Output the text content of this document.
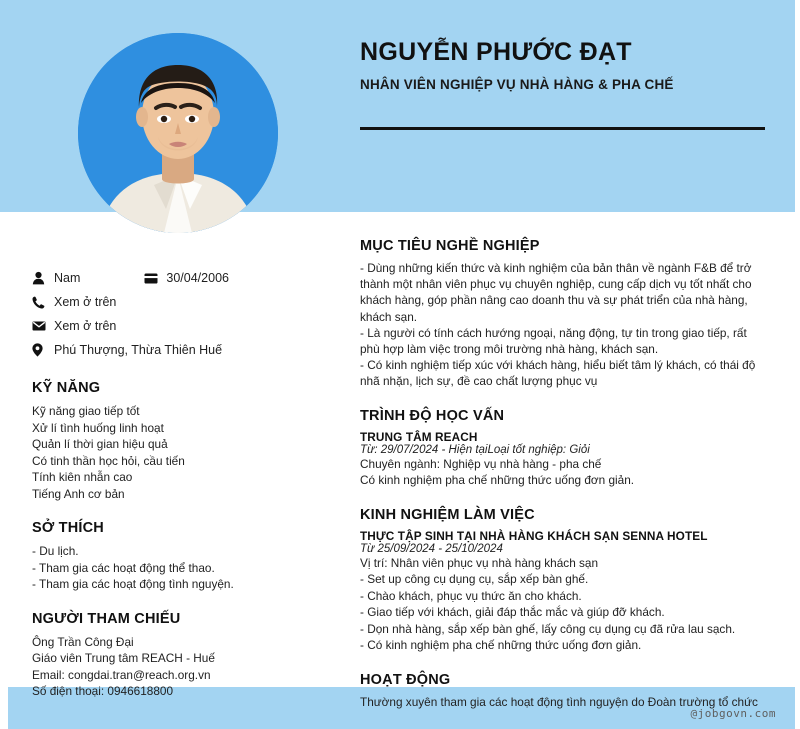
NGUYỄN PHƯỚC ĐẠT
NHÂN VIÊN NGHIỆP VỤ NHÀ HÀNG & PHA CHẾ
Nam	30/04/2006
Xem ở trên
Xem ở trên
Phú Thượng, Thừa Thiên Huế
KỸ NĂNG
Kỹ năng giao tiếp tốt
Xử lí tình huống linh hoạt
Quản lí thời gian hiệu quả
Có tinh thần học hỏi, cầu tiến
Tính kiên nhẫn cao
Tiếng Anh cơ bản
SỞ THÍCH
- Du lịch.
- Tham gia các hoạt động thể thao.
- Tham gia các hoạt động tình nguyện.
NGƯỜI THAM CHIẾU
Ông Trần Công Đại
Giáo viên Trung tâm REACH - Huế
Email: congdai.tran@reach.org.vn
Số điện thoại: 0946618800
MỤC TIÊU NGHỀ NGHIỆP
- Dùng những kiến thức và kinh nghiệm của bản thân về ngành F&B để trở thành một nhân viên phục vụ chuyên nghiệp, cung cấp dịch vụ tốt nhất cho khách hàng, góp phần nâng cao doanh thu và sự phát triển của nhà hàng, khách sạn.
- Là người có tính cách hướng ngoại, năng động, tự tin trong giao tiếp, rất phù hợp làm việc trong môi trường nhà hàng, khách sạn.
- Có kinh nghiệm tiếp xúc với khách hàng, hiểu biết tâm lý khách, có thái độ nhã nhặn, lịch sự, đề cao chất lượng phục vụ
TRÌNH ĐỘ HỌC VẤN
TRUNG TÂM REACH
Từ: 29/07/2024 - Hiện tạiLoại tốt nghiệp: Giỏi
Chuyên ngành: Nghiệp vụ nhà hàng - pha chế
Có kinh nghiệm pha chế những thức uống đơn giản.
KINH NGHIỆM LÀM VIỆC
THỰC TẬP SINH TẠI NHÀ HÀNG KHÁCH SẠN SENNA HOTEL
Từ 25/09/2024 - 25/10/2024
Vị trí: Nhân viên phục vụ nhà hàng khách sạn
- Set up công cụ dụng cụ, sắp xếp bàn ghế.
- Chào khách, phục vụ thức ăn cho khách.
- Giao tiếp với khách, giải đáp thắc mắc và giúp đỡ khách.
- Dọn nhà hàng, sắp xếp bàn ghế, lấy công cụ dụng cụ đã rửa lau sạch.
- Có kinh nghiệm pha chế những thức uống đơn giản.
HOẠT ĐỘNG
Thường xuyên tham gia các hoạt động tình nguyện do Đoàn trường tổ chức
@jobgovn.com
